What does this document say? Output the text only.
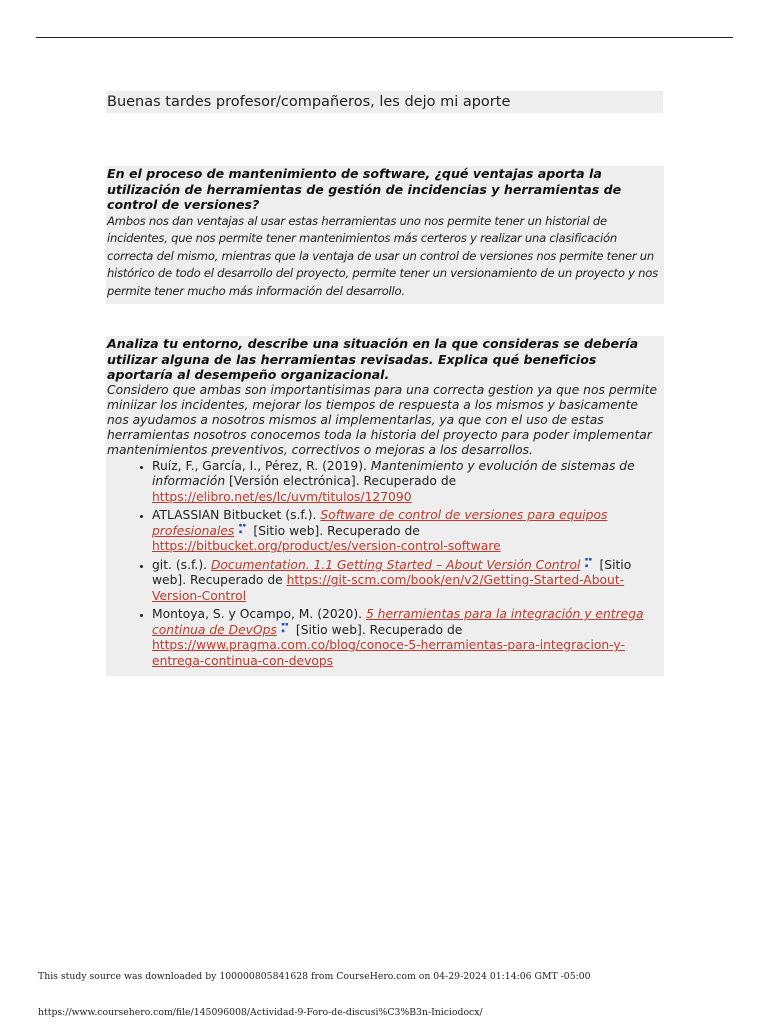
Buenas tardes profesor/compañeros, les dejo mi aporte
En el proceso de mantenimiento de software, ¿qué ventajas aporta la utilización de herramientas de gestión de incidencias y herramientas de control de versiones?
Ambos nos dan ventajas al usar estas herramientas uno nos permite tener un historial de incidentes, que nos permite tener mantenimientos más certeros y realizar una clasificación correcta del mismo, mientras que la ventaja de usar un control de versiones nos permite tener un histórico de todo el desarrollo del proyecto, permite tener un versionamiento de un proyecto y nos permite tener mucho más información del desarrollo.
Analiza tu entorno, describe una situación en la que consideras se debería utilizar alguna de las herramientas revisadas. Explica qué beneficios aportaría al desempeño organizacional.
Considero que ambas son importantisimas para una correcta gestion ya que nos permite miniizar los incidentes, mejorar los tiempos de respuesta a los mismos y basicamente nos ayudamos a nosotros mismos al implementarlas, ya que con el uso de estas herramientas nosotros conocemos toda la historia del proyecto para poder implementar mantenimientos preventivos, correctivos o mejoras a los desarrollos.
• Ruíz, F., García, I., Pérez, R. (2019). Mantenimiento y evolución de sistemas de información [Versión electrónica]. Recuperado de https://elibro.net/es/lc/uvm/titulos/127090
• ATLASSIAN Bitbucket (s.f.). Software de control de versiones para equipos profesionales ⠍ [Sitio web]. Recuperado de https://bitbucket.org/product/es/version-control-software
• git. (s.f.). Documentation. 1.1 Getting Started – About Versión Control ⠍ [Sitio web]. Recuperado de https://git-scm.com/book/en/v2/Getting-Started-About-Version-Control
• Montoya, S. y Ocampo, M. (2020). 5 herramientas para la integración y entrega continua de DevOps ⠍ [Sitio web]. Recuperado de https://www.pragma.com.co/blog/conoce-5-herramientas-para-integracion-y-entrega-continua-con-devops
This study source was downloaded by 100000805841628 from CourseHero.com on 04-29-2024 01:14:06 GMT -05:00
https://www.coursehero.com/file/145096008/Actividad-9-Foro-de-discusi%C3%B3n-Iniciodocx/
